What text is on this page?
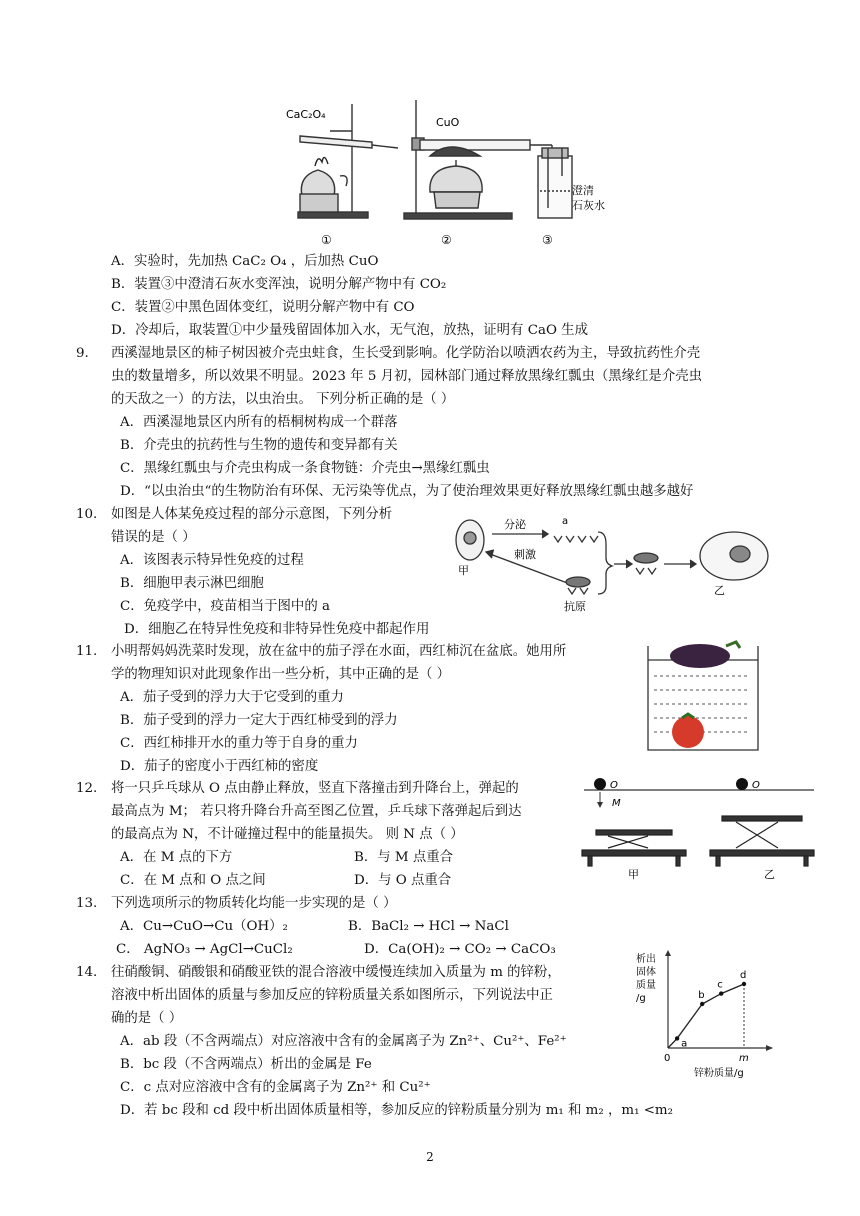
CaC₂O₄
CuO
澄清
石灰水
①	②	③
A．实验时，先加热 CaC₂ O₄ ，后加热 CuO
B．装置③中澄清石灰水变浑浊，说明分解产物中有 CO₂
C．装置②中黑色固体变红，说明分解产物中有 CO
D．冷却后，取装置①中少量残留固体加入水，无气泡，放热，证明有 CaO 生成
9. 西溪湿地景区的柿子树因被介壳虫蛀食，生长受到影响。化学防治以喷洒农药为主，导致抗药性介壳
虫的数量增多，所以效果不明显。2023 年 5 月初，园林部门通过释放黑缘红瓢虫（黑缘红是介壳虫
的天敌之一）的方法，以虫治虫。 下列分析正确的是（ ）
A．西溪湿地景区内所有的梧桐树构成一个群落
B．介壳虫的抗药性与生物的遗传和变异都有关
C．黑缘红瓢虫与介壳虫构成一条食物链：介壳虫→黑缘红瓢虫
D．“以虫治虫“的生物防治有环保、无污染等优点，为了使治理效果更好释放黑缘红瓢虫越多越好
10. 如图是人体某免疫过程的部分示意图，下列分析
错误的是（ ）
A．该图表示特异性免疫的过程
B．细胞甲表示淋巴细胞
C．免疫学中，疫苗相当于图中的 a
D．细胞乙在特异性免疫和非特异性免疫中都起作用
分泌	a
刺激
甲
乙
抗原
11. 小明帮妈妈洗菜时发现，放在盆中的茄子浮在水面，西红柿沉在盆底。她用所
学的物理知识对此现象作出一些分析，其中正确的是（ ）
A．茄子受到的浮力大于它受到的重力
B．茄子受到的浮力一定大于西红柿受到的浮力
C．西红柿排开水的重力等于自身的重力
D．茄子的密度小于西红柿的密度
12. 将一只乒乓球从 O 点由静止释放，竖直下落撞击到升降台上，弹起的
最高点为 M； 若只将升降台升高至图乙位置，乒乓球下落弹起后到达
的最高点为 N，不计碰撞过程中的能量损失。 则 N 点（ ）
A．在 M 点的下方	B．与 M 点重合
C．在 M 点和 O 点之间	D．与 O 点重合
O	O
M
甲	乙
13. 下列选项所示的物质转化均能一步实现的是（ ）
A．Cu→CuO→Cu（OH）₂	B．BaCl₂ → HCl → NaCl
C． AgNO₃ → AgCl→CuCl₂	D．Ca(OH)₂ → CO₂ → CaCO₃
14. 往硝酸铜、硝酸银和硝酸亚铁的混合溶液中缓慢连续加入质量为 m 的锌粉，
溶液中析出固体的质量与参加反应的锌粉质量关系如图所示，下列说法中正
确的是（ ）
A．ab 段（不含两端点）对应溶液中含有的金属离子为 Zn²⁺、Cu²⁺、Fe²⁺
B．bc 段（不含两端点）析出的金属是 Fe
C．c 点对应溶液中含有的金属离子为 Zn²⁺ 和 Cu²⁺
D．若 bc 段和 cd 段中析出固体质量相等，参加反应的锌粉质量分别为 m₁ 和 m₂ ，m₁ <m₂
析出
固体
质量
/g
0	m
锌粉质量/g
a
b
c
d
2
